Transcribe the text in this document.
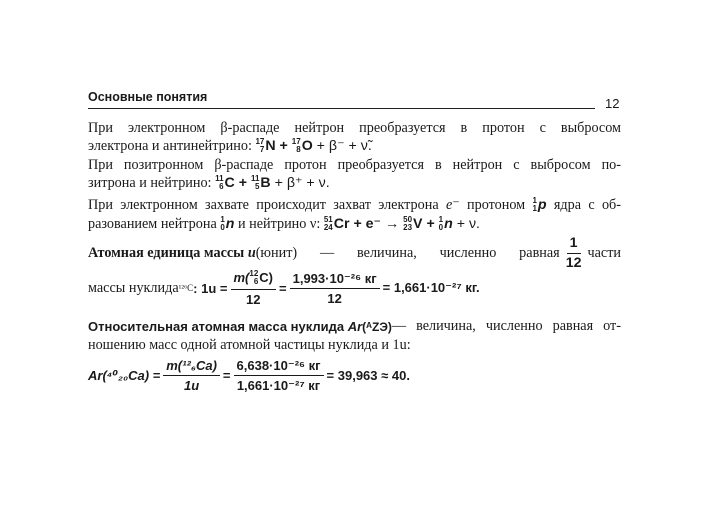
Основные понятия	12
При электронном β-распаде нейтрон преобразуется в протон с выбросом
электрона и антинейтрино: 17
7 N + 17
8 O + β⁻ + ν̃.
При позитронном β-распаде протон преобразуется в нейтрон с выбросом по-
зитрона и нейтрино: 11
6 C + 11
5 B + β⁺ + ν.
При электронном захвате происходит захват электрона e⁻ протоном 1
1 p ядра с об-
разованием нейтрона 1
0 n и нейтрино ν: 51
24 Cr + e⁻ → 50
23 V + 1
0 n + ν.
Атомная единица массы
u (юнит) — величина, численно равная $\frac{1}{12}$ части
массы нуклида ¹²⁶C : 1u = m( 12
6 C)
$12 = \frac{\text{1,993·10⁻²⁶ кг}}{12} = 1,661\cdot 10^{-27}$ кг.
Относительная атомная масса нуклида
Ar (ᴬZЭ) — величина, численно равная от-
ношению масс одной атомной частицы нуклида и 1u:
$Ar(^{40}_{20}Ca) = \frac{\text{m(¹²₆Ca)}}{1u} = \frac{\text{6,638·10⁻²⁶ кг}}{\text{1,661·10⁻²⁷ кг}} = 39,963 \approx 40$.
